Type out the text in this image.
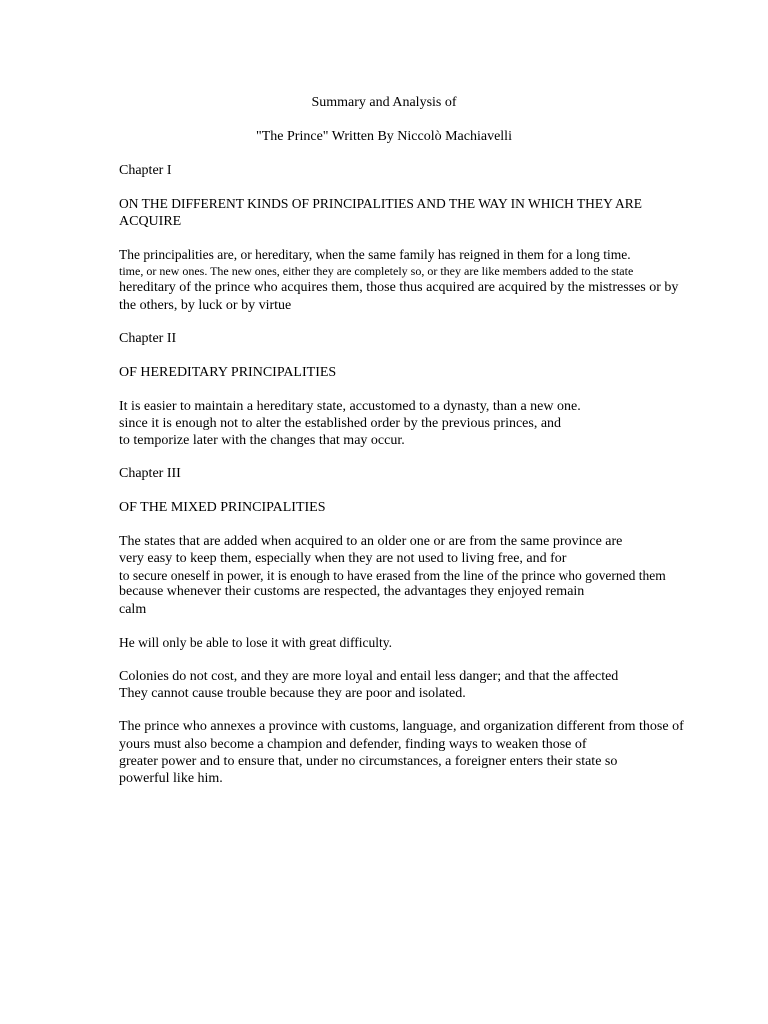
Summary and Analysis of
"The Prince" Written By Niccolò Machiavelli
Chapter I
ON THE DIFFERENT KINDS OF PRINCIPALITIES AND THE WAY IN WHICH THEY ARE
ACQUIRE
The principalities are, or hereditary, when the same family has reigned in them for a long time.
time, or new ones. The new ones, either they are completely so, or they are like members added to the state
hereditary of the prince who acquires them, those thus acquired are acquired by the mistresses or by
the others, by luck or by virtue
Chapter II
OF HEREDITARY PRINCIPALITIES
It is easier to maintain a hereditary state, accustomed to a dynasty, than a new one.
since it is enough not to alter the established order by the previous princes, and
to temporize later with the changes that may occur.
Chapter III
OF THE MIXED PRINCIPALITIES
The states that are added when acquired to an older one or are from the same province are
very easy to keep them, especially when they are not used to living free, and for
to secure oneself in power, it is enough to have erased from the line of the prince who governed them
because whenever their customs are respected, the advantages they enjoyed remain
calm
He will only be able to lose it with great difficulty.
Colonies do not cost, and they are more loyal and entail less danger; and that the affected
They cannot cause trouble because they are poor and isolated.
The prince who annexes a province with customs, language, and organization different from those of
yours must also become a champion and defender, finding ways to weaken those of
greater power and to ensure that, under no circumstances, a foreigner enters their state so
powerful like him.
